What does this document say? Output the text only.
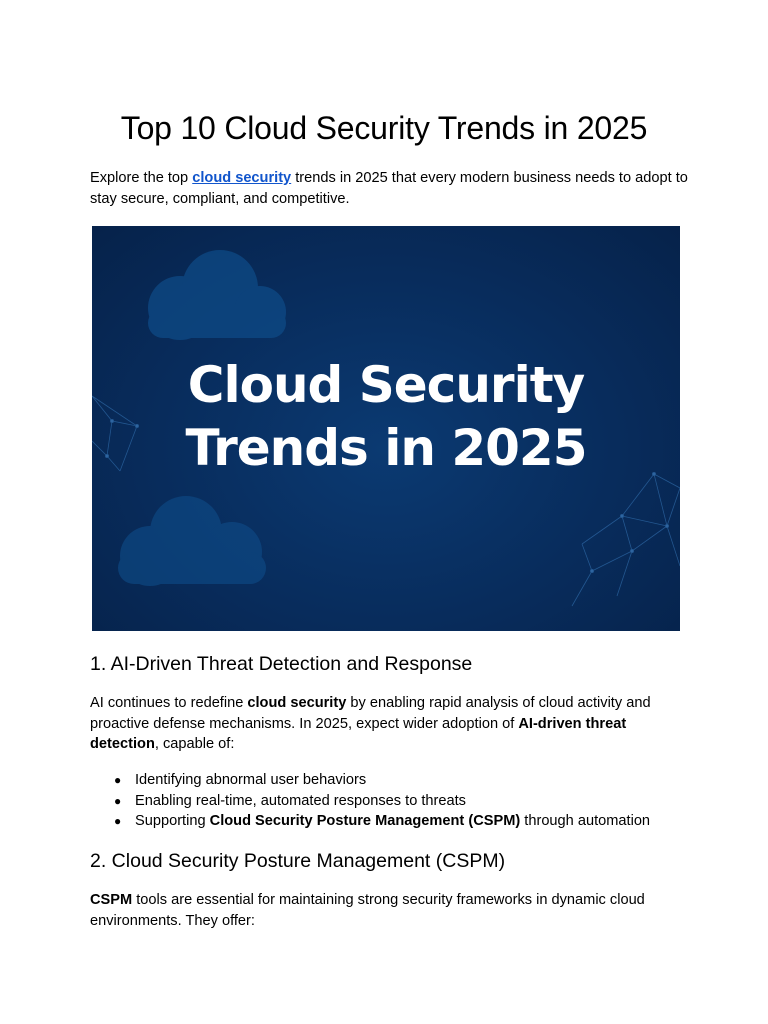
Top 10 Cloud Security Trends in 2025

Explore the top cloud security trends in 2025 that every modern business needs to adopt to stay secure, compliant, and competitive.

Cloud Security
Trends in 2025
1. AI-Driven Threat Detection and Response

AI continues to redefine cloud security by enabling rapid analysis of cloud activity and proactive defense mechanisms. In 2025, expect wider adoption of AI-driven threat detection, capable of:

● Identifying abnormal user behaviors
● Enabling real-time, automated responses to threats
● Supporting Cloud Security Posture Management (CSPM) through automation
2. Cloud Security Posture Management (CSPM)

CSPM tools are essential for maintaining strong security frameworks in dynamic cloud environments. They offer:
